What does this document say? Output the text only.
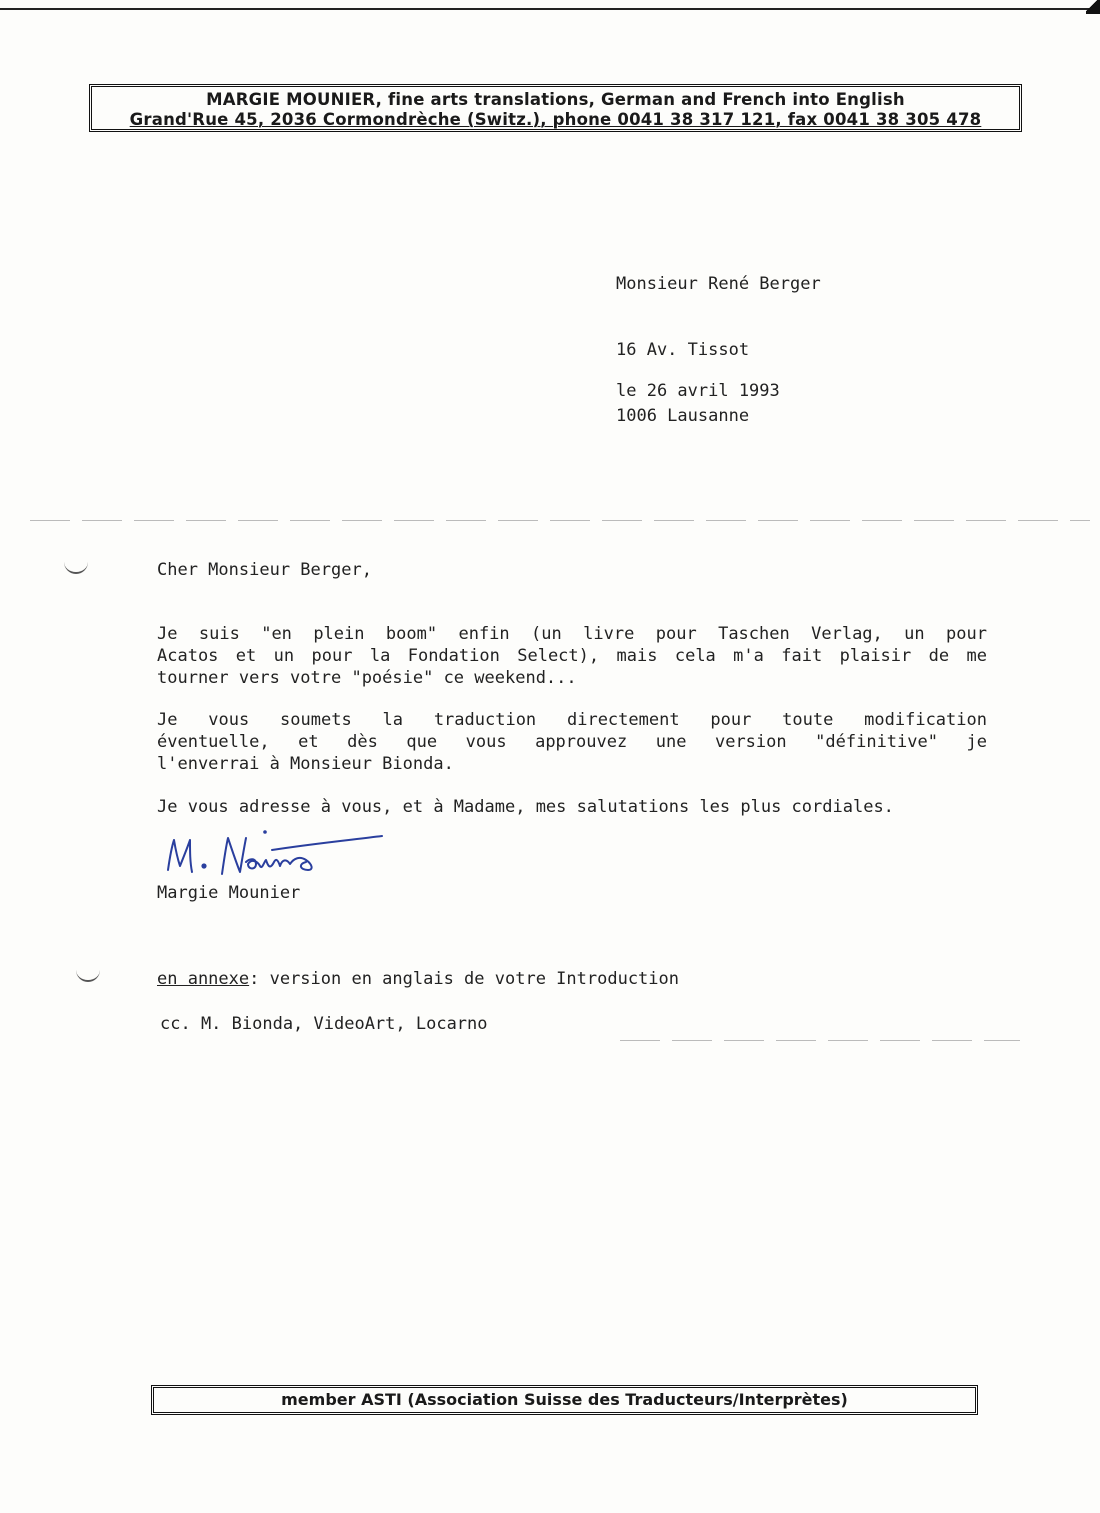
MARGIE MOUNIER, fine arts translations, German and French into English
Grand'Rue 45, 2036 Cormondrèche (Switz.), phone 0041 38 317 121, fax 0041 38 305 478

Monsieur René Berger

16 Av. Tissot

1006 Lausanne

le 26 avril 1993
Cher Monsieur Berger,
Je suis "en plein boom" enfin (un livre pour Taschen Verlag, un pour
Acatos et un pour la Fondation Select), mais cela m'a fait plaisir de me
tourner vers votre "poésie" ce weekend...
Je vous soumets la traduction directement pour toute modification
éventuelle, et dès que vous approuvez une version "définitive" je
l'enverrai à Monsieur Bionda.
Je vous adresse à vous, et à Madame, mes salutations les plus cordiales.
Margie Mounier
en annexe: version en anglais de votre Introduction
cc. M. Bionda, VideoArt, Locarno
member ASTI (Association Suisse des Traducteurs/Interprètes)
